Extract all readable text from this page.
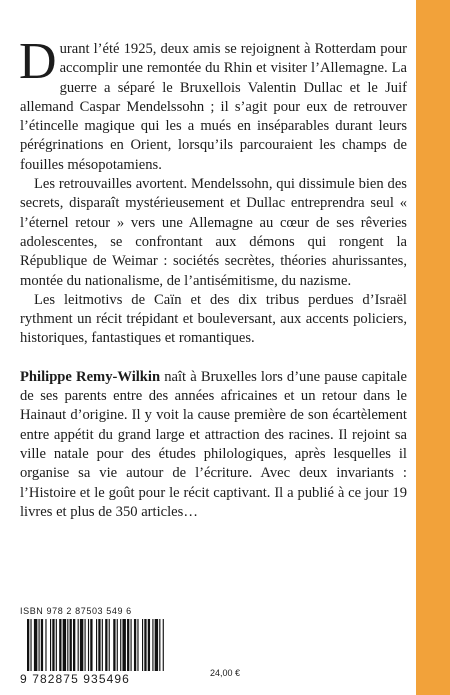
Durant l’été 1925, deux amis se rejoignent à Rotterdam pour accomplir une remontée du Rhin et visiter l’Allemagne. La guerre a séparé le Bruxellois Valentin Dullac et le Juif allemand Caspar Mendelssohn ; il s’agit pour eux de retrouver l’étincelle magique qui les a mués en inséparables durant leurs pérégrinations en Orient, lorsqu’ils parcouraient les champs de fouilles mésopotamiens.

Les retrouvailles avortent. Mendelssohn, qui dissimule bien des secrets, disparaît mystérieusement et Dullac entreprendra seul « l’éternel retour » vers une Allemagne au cœur de ses rêveries adolescentes, se confrontant aux démons qui rongent la République de Weimar : sociétés secrètes, théories ahurissantes, montée du nationalisme, de l’antisémitisme, du nazisme.

Les leitmotivs de Caïn et des dix tribus perdues d’Israël rythment un récit trépidant et bouleversant, aux accents policiers, historiques, fantastiques et romantiques.

Philippe Remy-Wilkin naît à Bruxelles lors d’une pause capitale de ses parents entre des années africaines et un retour dans le Hainaut d’origine. Il y voit la cause première de son écartèlement entre appétit du grand large et attraction des racines. Il rejoint sa ville natale pour des études philologiques, après lesquelles il organise sa vie autour de l’écriture. Avec deux invariants : l’Histoire et le goût pour le récit captivant. Il a publié à ce jour 19 livres et plus de 350 articles…

ISBN 978 2 87503 549 6
9 782875 935496	24,00 €
